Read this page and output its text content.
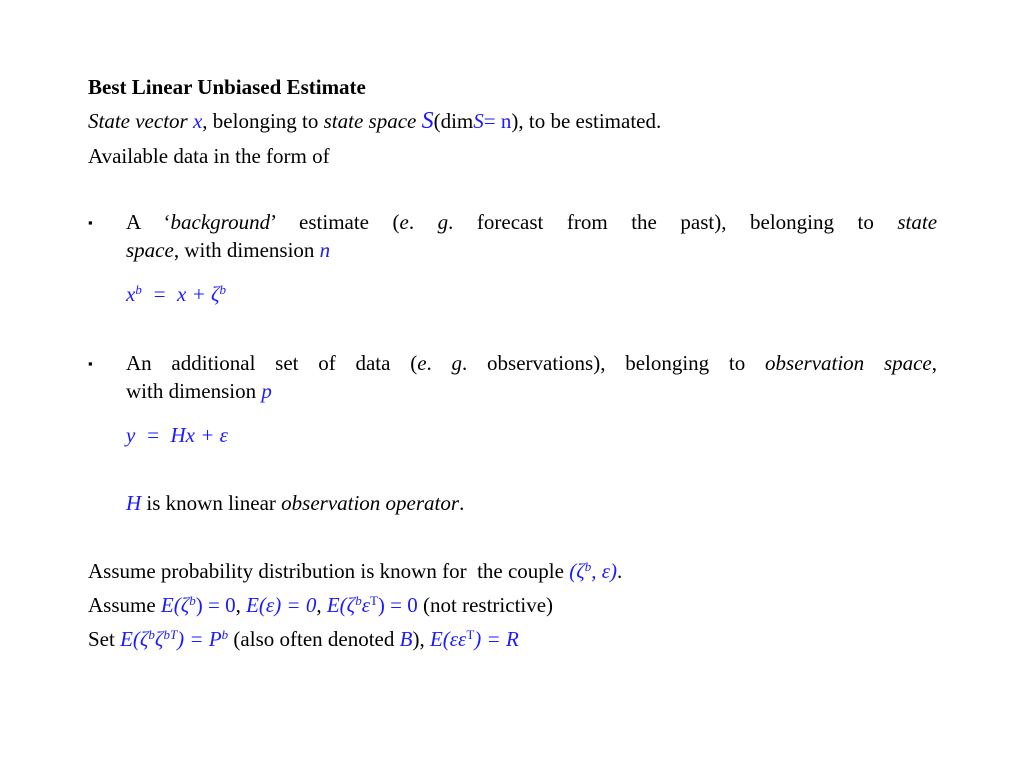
Best Linear Unbiased Estimate
State vector x, belonging to state space S(dimS= n), to be estimated.
Available data in the form of
▪ A ‘background’ estimate (e. g. forecast from the past), belonging to state
space, with dimension n
$x^b = x + \zeta^b$
▪ An additional set of data (e. g. observations), belonging to observation space,
with dimension p
y  =  Hx + ε
H is known linear observation operator.
Assume probability distribution is known for  the couple ($\zeta^b$, ε).
Assume $E(\zeta^b) = 0$, E(ε) = 0, $E(\zeta^b\varepsilon^T) = 0$ (not restrictive)
Set $E(\zeta^b\zeta^{bT}) = P^b$ (also often denoted B), $E(\varepsilon\varepsilon^T) = R$
